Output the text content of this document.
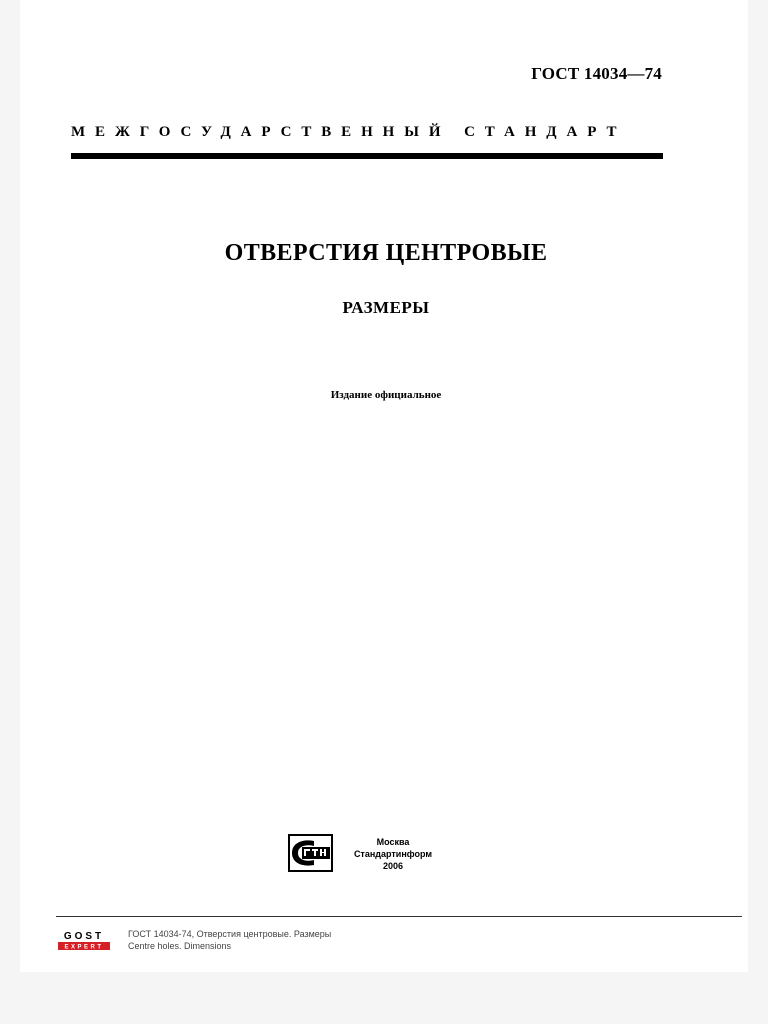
ГОСТ 14034—74
МЕЖГОСУДАРСТВЕННЫЙ СТАНДАРТ
ОТВЕРСТИЯ ЦЕНТРОВЫЕ
РАЗМЕРЫ
Издание официальное
Москва
Стандартинформ
2006
GOST
EXPERT
ГОСТ 14034-74, Отверстия центровые. Размеры
Centre holes. Dimensions
